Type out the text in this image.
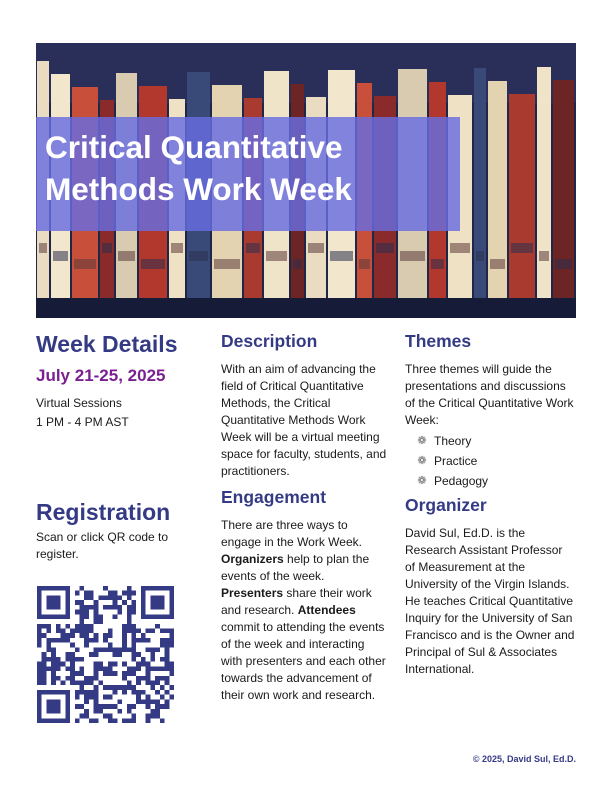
Critical Quantitative Methods Work Week
Week Details

July 21-25, 2025

Virtual Sessions

1 PM - 4 PM AST

Registration

Scan or click QR code to register.

Description

With an aim of advancing the field of Critical Quantitative Methods, the Critical Quantitative Methods Work Week will be a virtual meeting space for faculty, students, and practitioners.

Engagement

There are three ways to engage in the Work Week. Organizers help to plan the events of the week. Presenters share their work and research. Attendees commit to attending the events of the week and interacting with presenters and each other towards the advancement of their own work and research.

Themes

Three themes will guide the presentations and discussions of the Critical Quantitative Work Week:

❁ Theory
❁ Practice
❁ Pedagogy
Organizer

David Sul, Ed.D. is the Research Assistant Professor of Measurement at the University of the Virgin Islands. He teaches Critical Quantitative Inquiry for the University of San Francisco and is the Owner and Principal of Sul & Associates International.

© 2025, David Sul, Ed.D.
